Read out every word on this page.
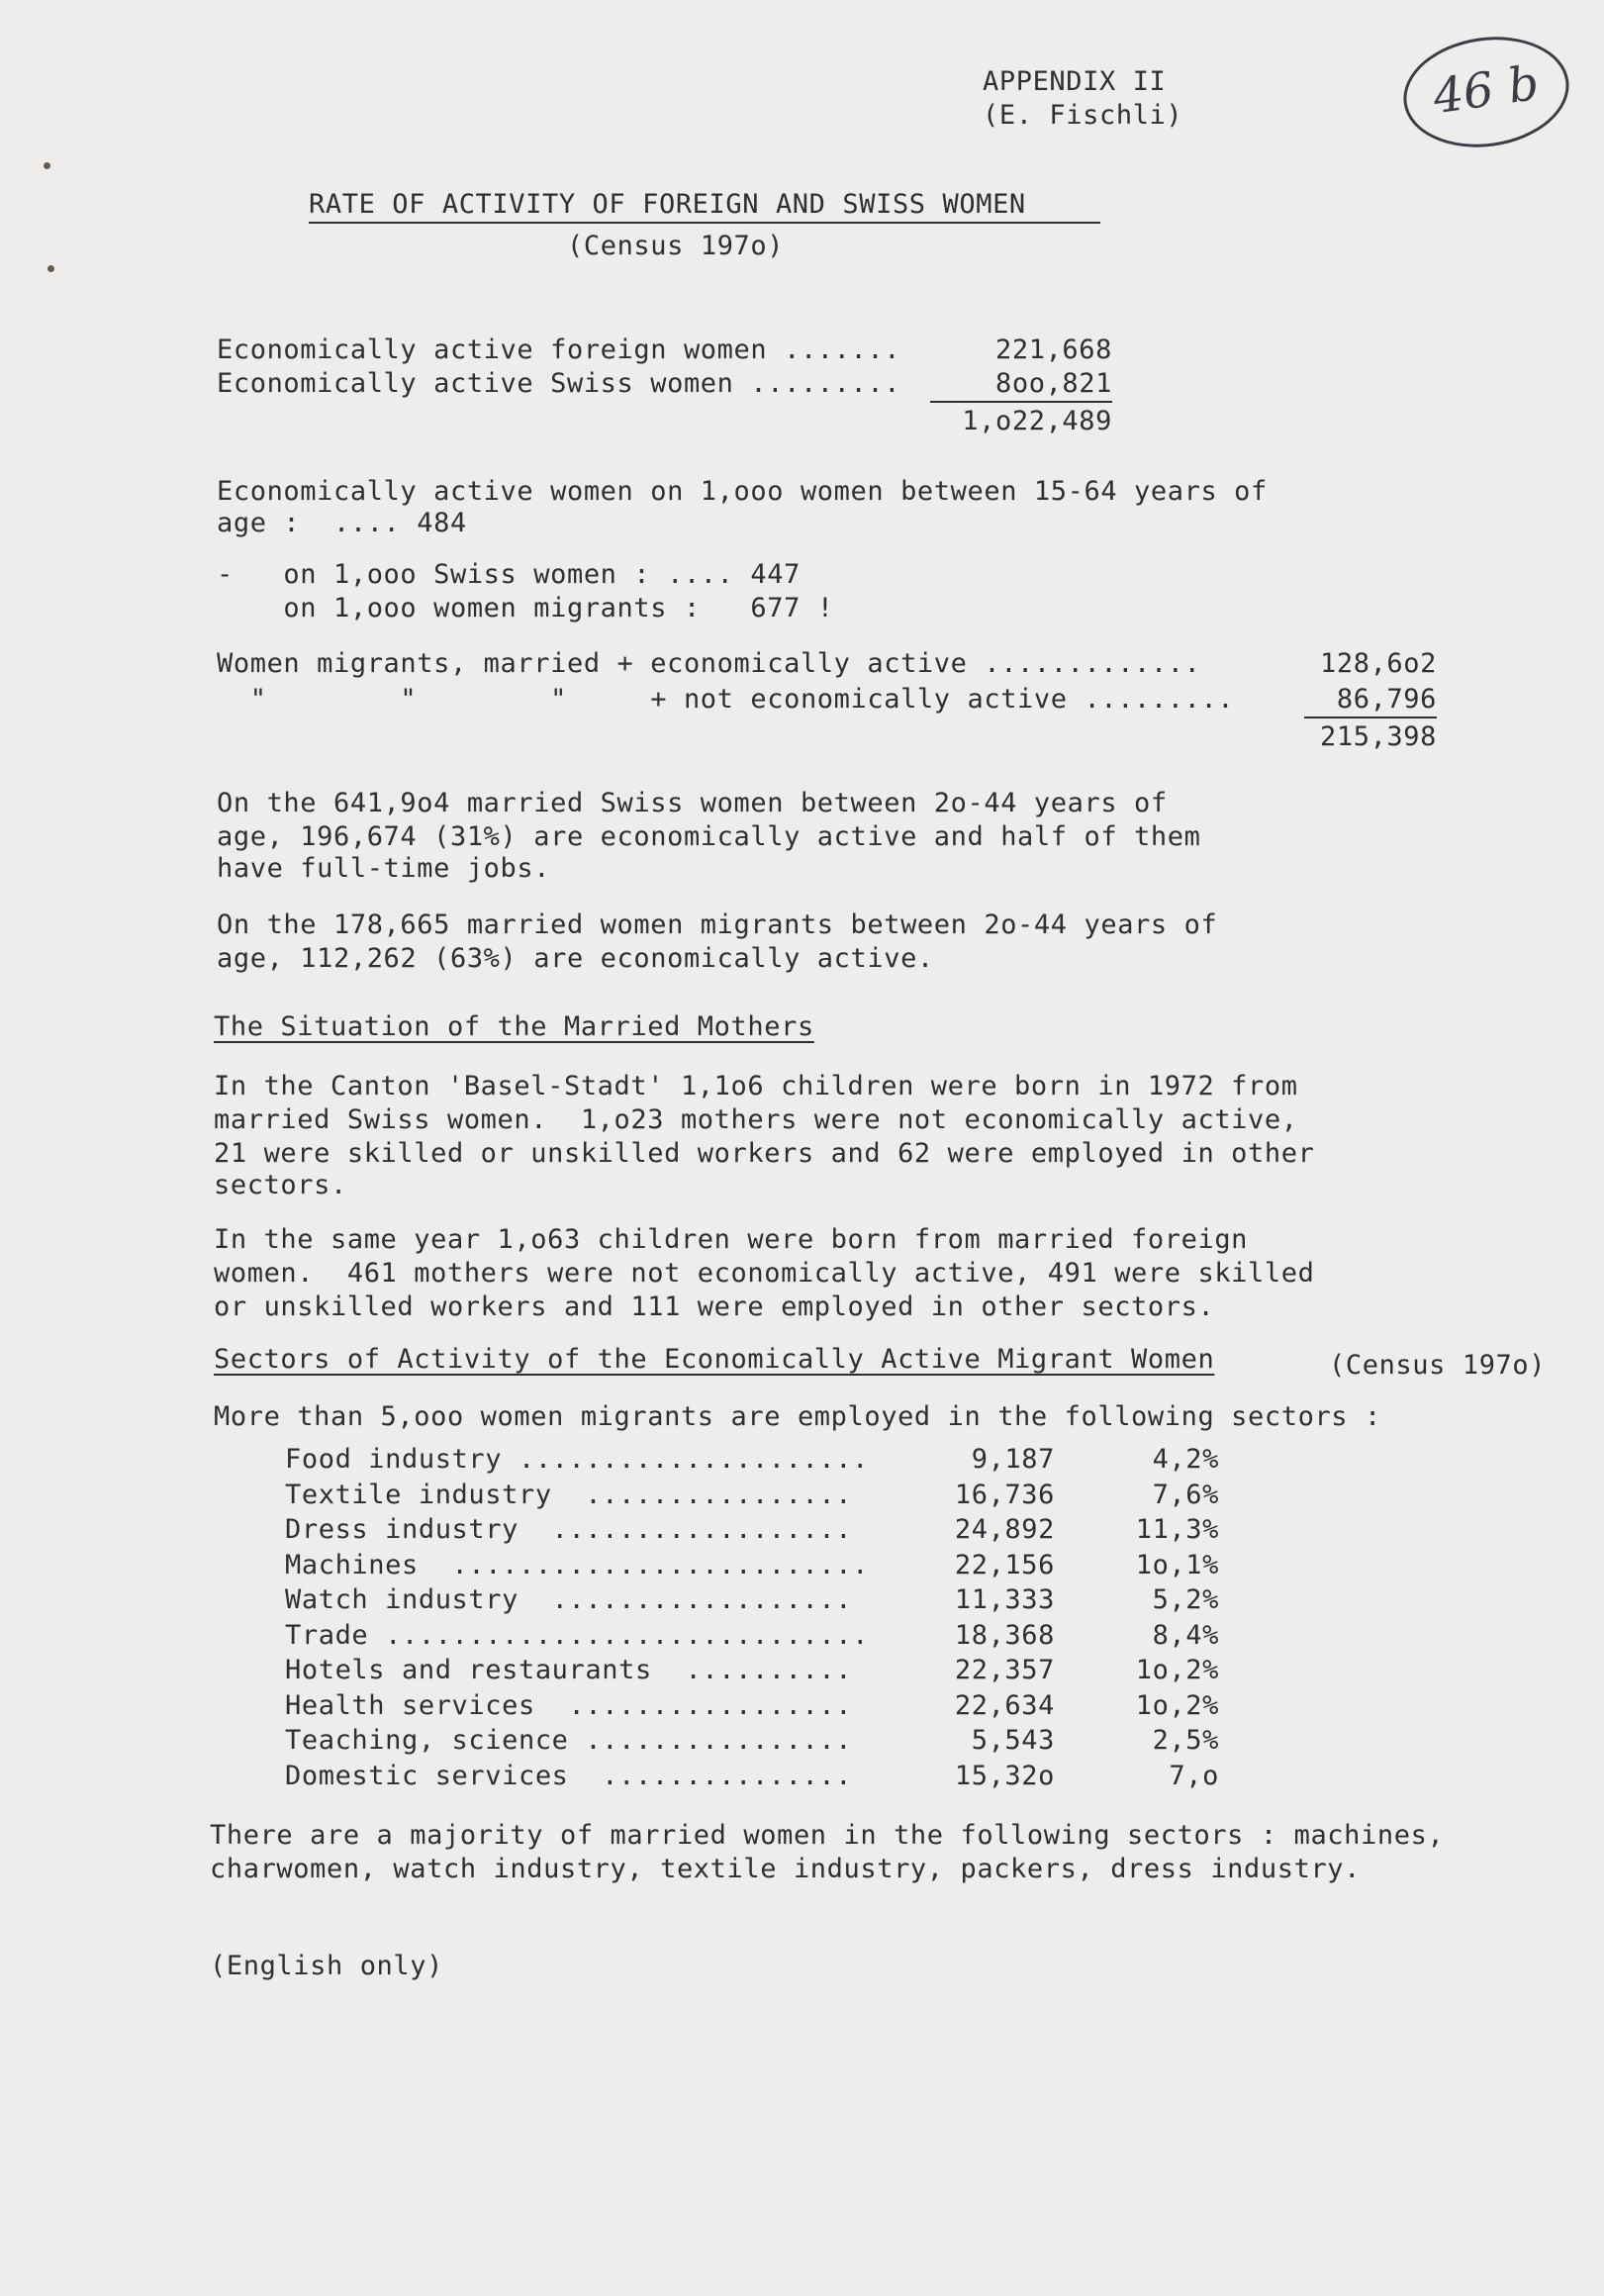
APPENDIX II
(E. Fischli)	46 b
RATE OF ACTIVITY OF FOREIGN AND SWISS WOMEN
(Census 197o)
Economically active foreign women .......	221,668
Economically active Swiss women .........	8oo,821
1,o22,489
Economically active women on 1,ooo women between 15-64 years of
age :  .... 484
-   on 1,ooo Swiss women : .... 447
on 1,ooo women migrants :   677 !
Women migrants, married + economically active .............	128,6o2
"        "        "     + not economically active .........	86,796
215,398
On the 641,9o4 married Swiss women between 2o-44 years of
age, 196,674 (31%) are economically active and half of them
have full-time jobs.
On the 178,665 married women migrants between 2o-44 years of
age, 112,262 (63%) are economically active.
The Situation of the Married Mothers
In the Canton 'Basel-Stadt' 1,1o6 children were born in 1972 from
married Swiss women.  1,o23 mothers were not economically active,
21 were skilled or unskilled workers and 62 were employed in other
sectors.
In the same year 1,o63 children were born from married foreign
women.  461 mothers were not economically active, 491 were skilled
or unskilled workers and 111 were employed in other sectors.
Sectors of Activity of the Economically Active Migrant Women	(Census 197o)
More than 5,ooo women migrants are employed in the following sectors :
Food industry .....................	9,187	4,2%
Textile industry  ................	16,736	7,6%
Dress industry  ..................	24,892	11,3%
Machines  .........................	22,156	1o,1%
Watch industry  ..................	11,333	5,2%
Trade .............................	18,368	8,4%
Hotels and restaurants  ..........	22,357	1o,2%
Health services  .................	22,634	1o,2%
Teaching, science ................	5,543	2,5%
Domestic services  ...............	15,32o	7,o
There are a majority of married women in the following sectors : machines,
charwomen, watch industry, textile industry, packers, dress industry.
(English only)
